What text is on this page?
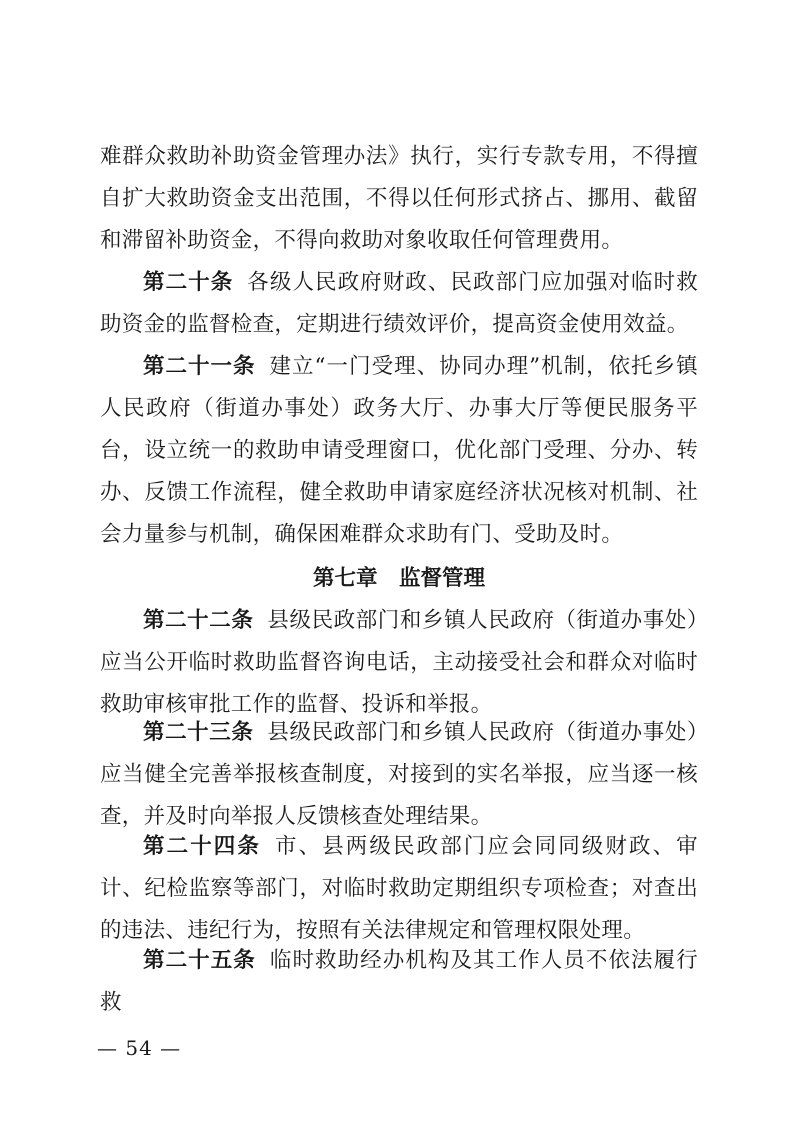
难群众救助补助资金管理办法》执行，实行专款专用，不得擅自扩大救助资金支出范围，不得以任何形式挤占、挪用、截留和滞留补助资金，不得向救助对象收取任何管理费用。

第二十条 各级人民政府财政、民政部门应加强对临时救助资金的监督检查，定期进行绩效评价，提高资金使用效益。

第二十一条 建立“一门受理、协同办理”机制，依托乡镇人民政府（街道办事处）政务大厅、办事大厅等便民服务平台，设立统一的救助申请受理窗口，优化部门受理、分办、转办、反馈工作流程，健全救助申请家庭经济状况核对机制、社会力量参与机制，确保困难群众求助有门、受助及时。

第七章　监督管理

第二十二条 县级民政部门和乡镇人民政府（街道办事处）应当公开临时救助监督咨询电话，主动接受社会和群众对临时救助审核审批工作的监督、投诉和举报。

第二十三条 县级民政部门和乡镇人民政府（街道办事处）应当健全完善举报核查制度，对接到的实名举报，应当逐一核查，并及时向举报人反馈核查处理结果。

第二十四条 市、县两级民政部门应会同同级财政、审计、纪检监察等部门，对临时救助定期组织专项检查；对查出的违法、违纪行为，按照有关法律规定和管理权限处理。

第二十五条 临时救助经办机构及其工作人员不依法履行救

— 54 —
